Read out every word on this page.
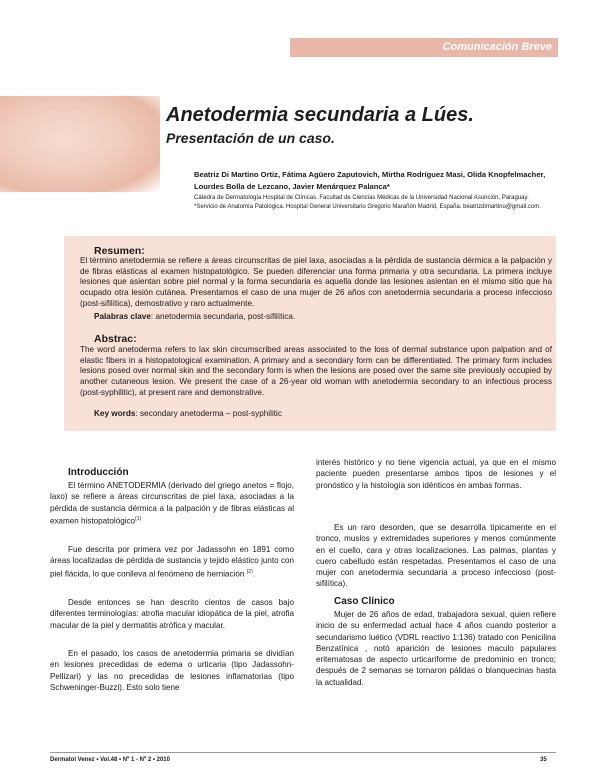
Comunicación Breve
Anetodermia secundaria a Lúes.
Presentación de un caso.
Beatriz Di Martino Ortiz, Fátima Agüero Zaputovich, Mirtha Rodríguez Masi, Olida Knopfelmacher, Lourdes Bolla de Lezcano, Javier Menárquez Palanca*
Cátedra de Dermatología Hospital de Clínicas. Facultad de Ciencias Médicas de la Universidad Nacional Asunción, Paraguay.
*Servicio de Anatomía Patológica. Hospital General Universitario Gregorio Marañón Madrid, España. beatrizdimartino@gmail.com.
Resumen:
El término anetodermia se refiere a áreas circunscritas de piel laxa, asociadas a la pérdida de sustancia dérmica a la palpación y de fibras elásticas al examen histopatológico. Se pueden diferenciar una forma primaria y otra secundaria. La primera incluye lesiones que asientan sobre piel normal y la forma secundaria es aquella donde las lesiones asientan en el mismo sitio que ha ocupado otra lesión cutánea. Presentamos el caso de una mujer de 26 años con anetodermia secundaria a proceso infeccioso (post-sifilítica), demostrativo y raro actualmente.
Palabras clave: anetodermia secundaria, post-sifilítica.
Abstrac:
The word anetoderma refers to lax skin circumscribed areas associated to the loss of dermal substance upon palpation and of elastic fibers in a histopatological examination. A primary and a secondary form can be differentiated. The primary form includes lesions posed over normal skin and the secondary form is when the lesions are posed over the same site previously occupied by another cutaneous lesion. We present the case of a 26-year old woman with anetodermia secondary to an infectious process (post-syphilitic), at present rare and demonstrative.
Key words: secondary anetoderma – post-syphilitic
Introducción
El término ANETODERMIA (derivado del griego anetos = flojo, laxo) se refiere a áreas circunscritas de piel laxa, asociadas a la pérdida de sustancia dérmica a la palpación y de fibras elásticas al examen histopatológico$^{(1)}$
Fue descrita por primera vez por Jadassohn en 1891 como áreas localizadas de pérdida de sustancia y tejido elástico junto con piel flácida, lo que conlleva al fenómeno de herniación $^{(2)}$.
Desde entonces se han descrito cientos de casos bajo diferentes terminologías: atrofia macular idiopática de la piel, atrofia macular de la piel y dermatitis atrófica y macular.
En el pasado, los casos de anetodermia primaria se dividían en lesiones precedidas de edema o urticaria (tipo Jadassohn-Pellizari) y las no precedidas de lesiones inflamatorias (tipo Schweninger-Buzzi). Esto solo tiene
interés histórico y no tiene vigencia actual, ya que en el mismo paciente pueden presentarse ambos tipos de lesiones y el pronóstico y la histología son idénticos en ambas formas.
Es un raro desorden, que se desarrolla típicamente en el tronco, muslos y extremidades superiores y menos comúnmente en el cuello, cara y otras localizaciones. Las palmas, plantas y cuero cabelludo están respetadas. Presentamos el caso de una mujer con anetodermia secundaria a proceso infeccioso (post-sifilítica).
Caso Clínico
Mujer de 26 años de edad, trabajadora sexual, quien refiere inicio de su enfermedad actual hace 4 años cuando posterior a secundarismo luético (VDRL reactivo 1:136) tratado con Penicilina Benzatínica , notó aparición de lesiones maculo papulares eritematosas de aspecto urticariforme de predominio en tronco; después de 2 semanas se tornaron pálidas o blanquecinas hasta la actualidad.
Dermatol Venez • Vol.48 • Nº 1 - Nº 2 • 2010	35
